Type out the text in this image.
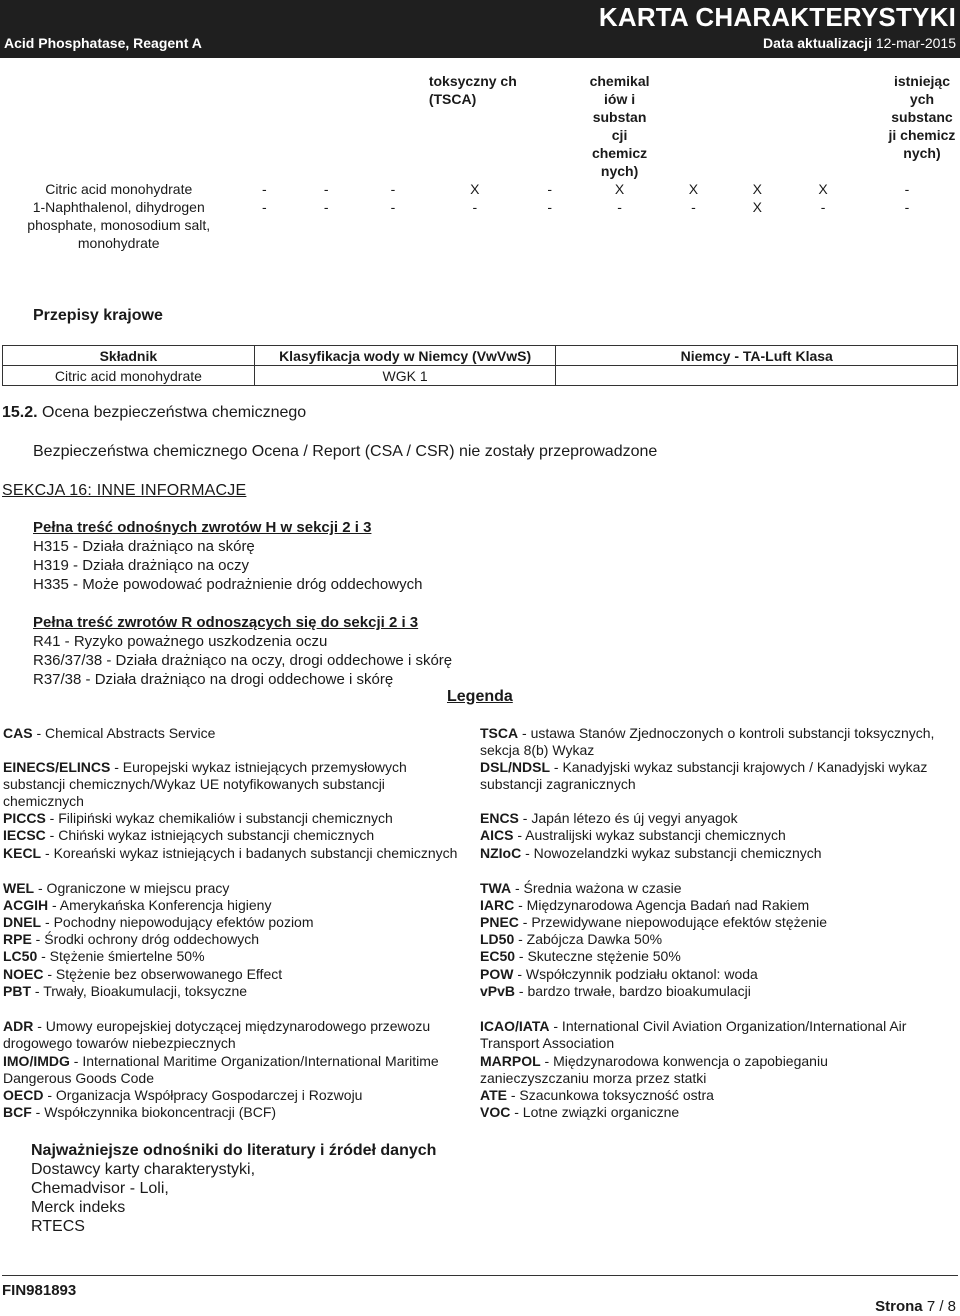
Acid Phosphatase, Reagent A
KARTA CHARAKTERYSTYKI
Data aktualizacji 12-mar-2015
				toksyczny ch (TSCA)		chemikal iów i substan cji chemicz nych)				istniejąc ych substanc ji chemicz nych)
Citric acid monohydrate	-	-	-	X	-	X	X	X	X	-
1-Naphthalenol, dihydrogen phosphate, monosodium salt, monohydrate	-	-	-	-	-	-	-	X	-	-
Przepisy krajowe
Składnik	Klasyfikacja wody w Niemcy (VwVwS)	Niemcy - TA-Luft Klasa
Citric acid monohydrate	WGK 1	
15.2. Ocena bezpieczeństwa chemicznego
Bezpieczeństwa chemicznego Ocena / Report (CSA / CSR) nie zostały przeprowadzone
SEKCJA 16: INNE INFORMACJE
Pełna treść odnośnych zwrotów H w sekcji 2 i 3
H315 - Działa drażniąco na skórę
H319 - Działa drażniąco na oczy
H335 - Może powodować podrażnienie dróg oddechowych
Pełna treść zwrotów R odnoszących się do sekcji 2 i 3
R41 - Ryzyko poważnego uszkodzenia oczu
R36/37/38 - Działa drażniąco na oczy, drogi oddechowe i skórę
R37/38 - Działa drażniąco na drogi oddechowe i skórę
Legenda
CAS - Chemical Abstracts Service	TSCA - ustawa Stanów Zjednoczonych o kontroli substancji toksycznych, sekcja 8(b) Wykaz
EINECS/ELINCS - Europejski wykaz istniejących przemysłowych substancji chemicznych/Wykaz UE notyfikowanych substancji chemicznych
DSL/NDSL - Kanadyjski wykaz substancji krajowych / Kanadyjski wykaz substancji zagranicznych
PICCS - Filipiński wykaz chemikaliów i substancji chemicznych	ENCS - Japán létezo és új vegyi anyagok
IECSC - Chiński wykaz istniejących substancji chemicznych	AICS - Australijski wykaz substancji chemicznych
KECL - Koreański wykaz istniejących i badanych substancji chemicznych	NZIoC - Nowozelandzki wykaz substancji chemicznych
WEL - Ograniczone w miejscu pracy	TWA - Średnia ważona w czasie
ACGIH - Amerykańska Konferencja higieny	IARC - Międzynarodowa Agencja Badań nad Rakiem
DNEL - Pochodny niepowodujący efektów poziom	PNEC - Przewidywane niepowodujące efektów stężenie
RPE - Środki ochrony dróg oddechowych	LD50 - Zabójcza Dawka 50%
LC50 - Stężenie śmiertelne 50%	EC50 - Skuteczne stężenie 50%
NOEC - Stężenie bez obserwowanego Effect	POW - Współczynnik podziału oktanol: woda
PBT - Trwały, Bioakumulacji, toksyczne	vPvB - bardzo trwałe, bardzo bioakumulacji
ADR - Umowy europejskiej dotyczącej międzynarodowego przewozu drogowego towarów niebezpiecznych
ICAO/IATA - International Civil Aviation Organization/International Air Transport Association
IMO/IMDG - International Maritime Organization/International Maritime Dangerous Goods Code
MARPOL - Międzynarodowa konwencja o zapobieganiu zanieczyszczaniu morza przez statki
OECD - Organizacja Współpracy Gospodarczej i Rozwoju	ATE - Szacunkowa toksyczność ostra
BCF - Współczynnika biokoncentracji (BCF)	VOC - Lotne związki organiczne
Najważniejsze odnośniki do literatury i źródeł danych
Dostawcy karty charakterystyki,
Chemadvisor - Loli,
Merck indeks
RTECS
FIN981893
Strona 7 / 8
